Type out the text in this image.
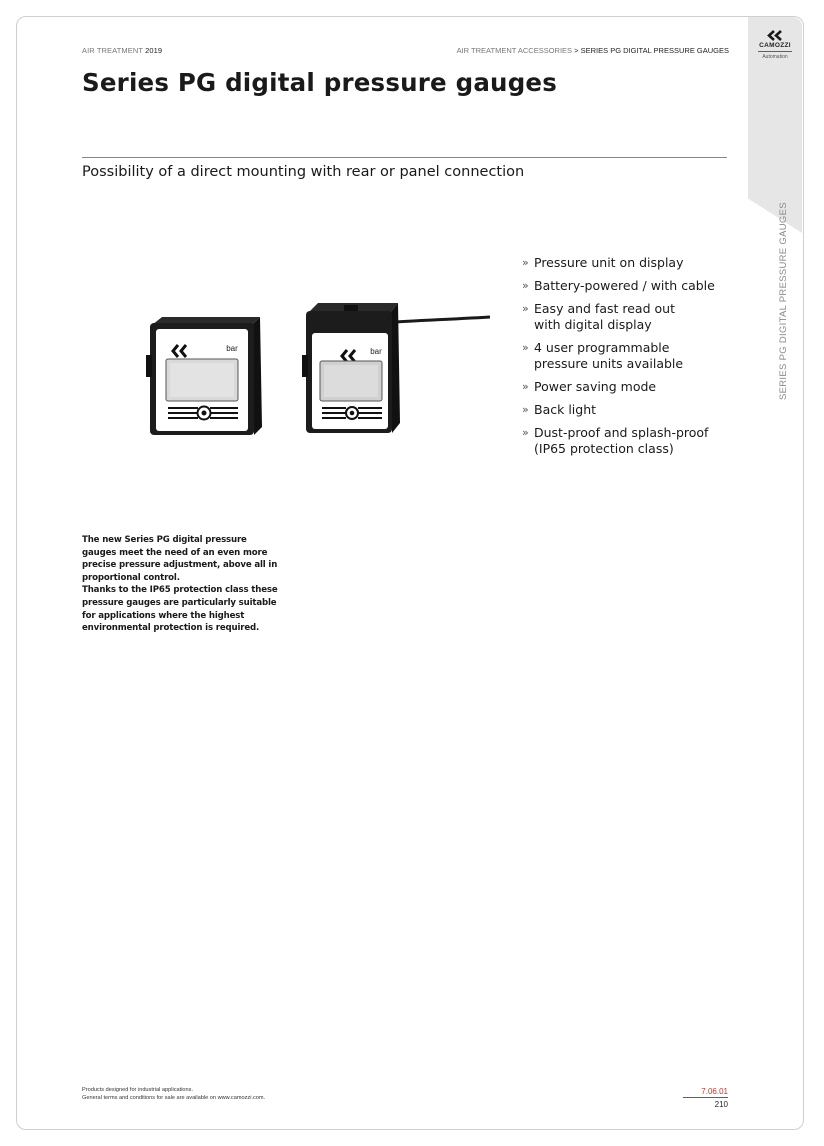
CAMOZZI
Automation
AIR TREATMENT 2019	AIR TREATMENT ACCESSORIES > SERIES PG DIGITAL PRESSURE GAUGES
Series PG digital pressure gauges
Possibility of a direct mounting with rear or panel connection
SERIES PG DIGITAL PRESSURE GAUGES
bar	bar
» Pressure unit on display
» Battery-powered / with cable
» Easy and fast read out
with digital display
» 4 user programmable
pressure units available
» Power saving mode
» Back light
» Dust-proof and splash-proof
(IP65 protection class)
The new Series PG digital pressure
gauges meet the need of an even more
precise pressure adjustment, above all in
proportional control.
Thanks to the IP65 protection class these
pressure gauges are particularly suitable
for applications where the highest
environmental protection is required.
Products designed for industrial applications.
General terms and conditions for sale are available on www.camozzi.com.
7.06.01
210
